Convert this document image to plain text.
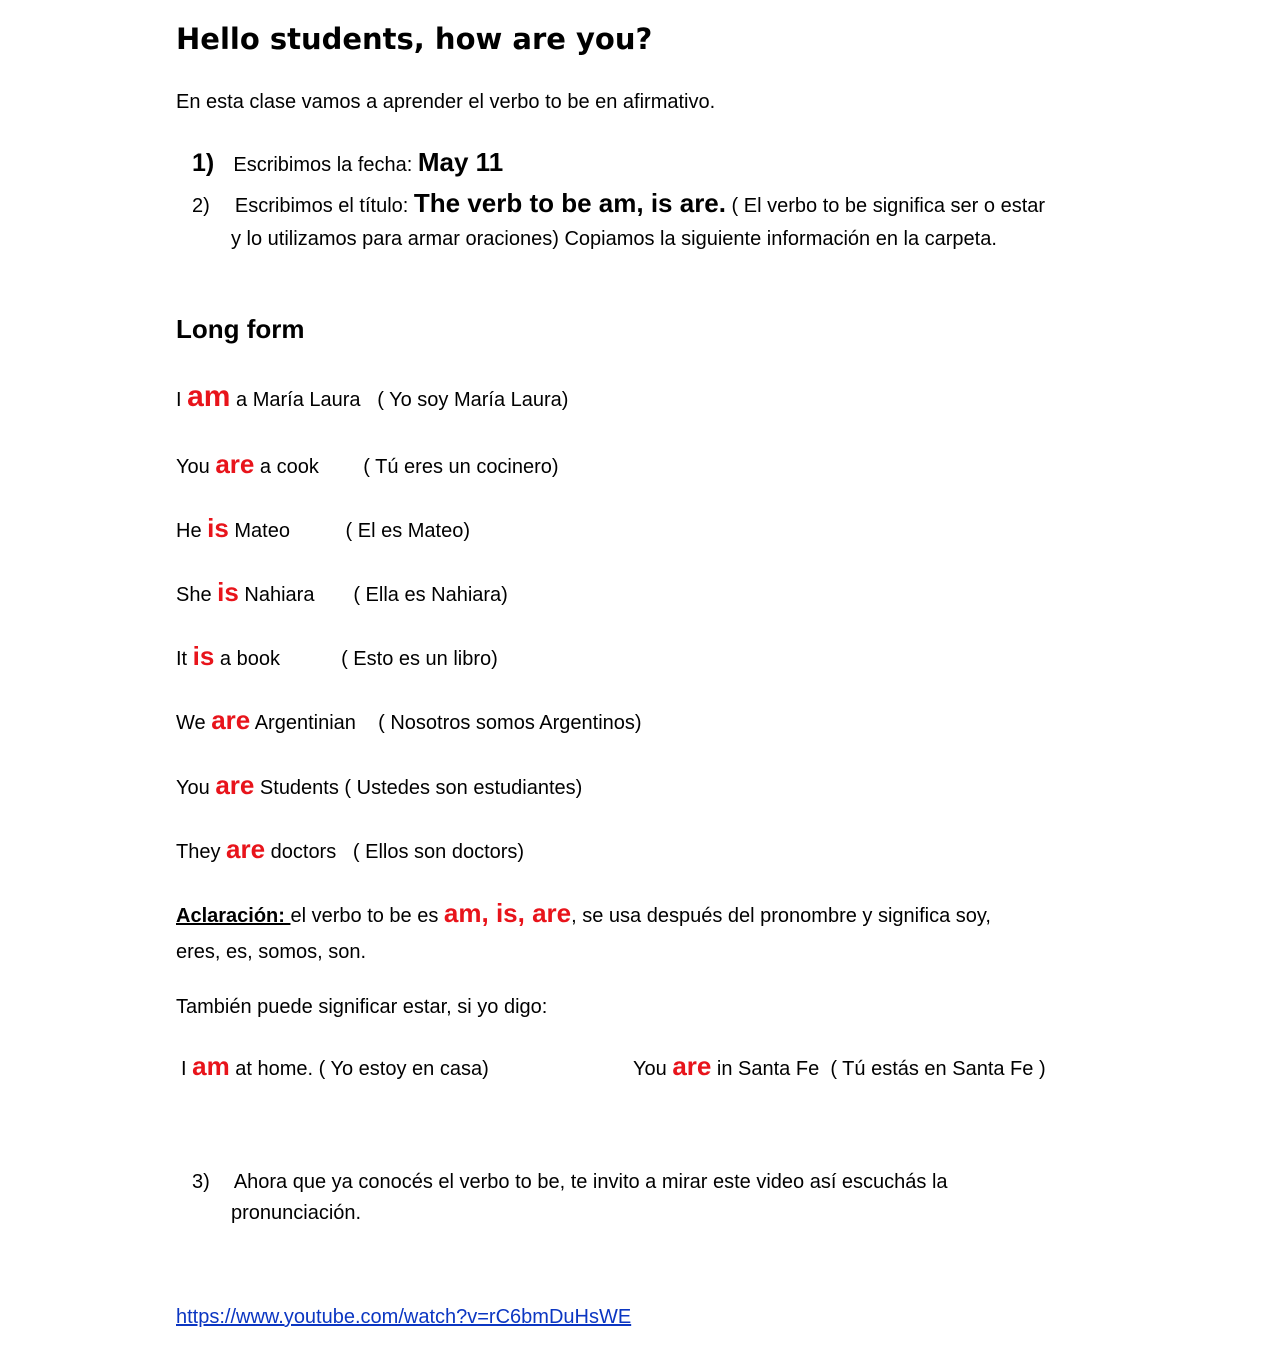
Hello students, how are you?
En esta clase vamos a aprender el verbo to be en afirmativo.
1) Escribimos la fecha: May 11
2) Escribimos el título: The verb to be am, is are. ( El verbo to be significa ser o estar
y lo utilizamos para armar oraciones) Copiamos la siguiente información en la carpeta.
Long form
I am a María Laura   ( Yo soy María Laura)
You are a cook        ( Tú eres un cocinero)
He is Mateo          ( El es Mateo)
She is Nahiara       ( Ella es Nahiara)
It is a book           ( Esto es un libro)
We are Argentinian    ( Nosotros somos Argentinos)
You are Students ( Ustedes son estudiantes)
They are doctors   ( Ellos son doctors)
Aclaración: el verbo to be es am, is, are, se usa después del pronombre y significa soy,
eres, es, somos, son.
También puede significar estar, si yo digo:
I am at home. ( Yo estoy en casa)	You are in Santa Fe  ( Tú estás en Santa Fe )
3) Ahora que ya conocés el verbo to be, te invito a mirar este video así escuchás la
pronunciación.
https://www.youtube.com/watch?v=rC6bmDuHsWE
